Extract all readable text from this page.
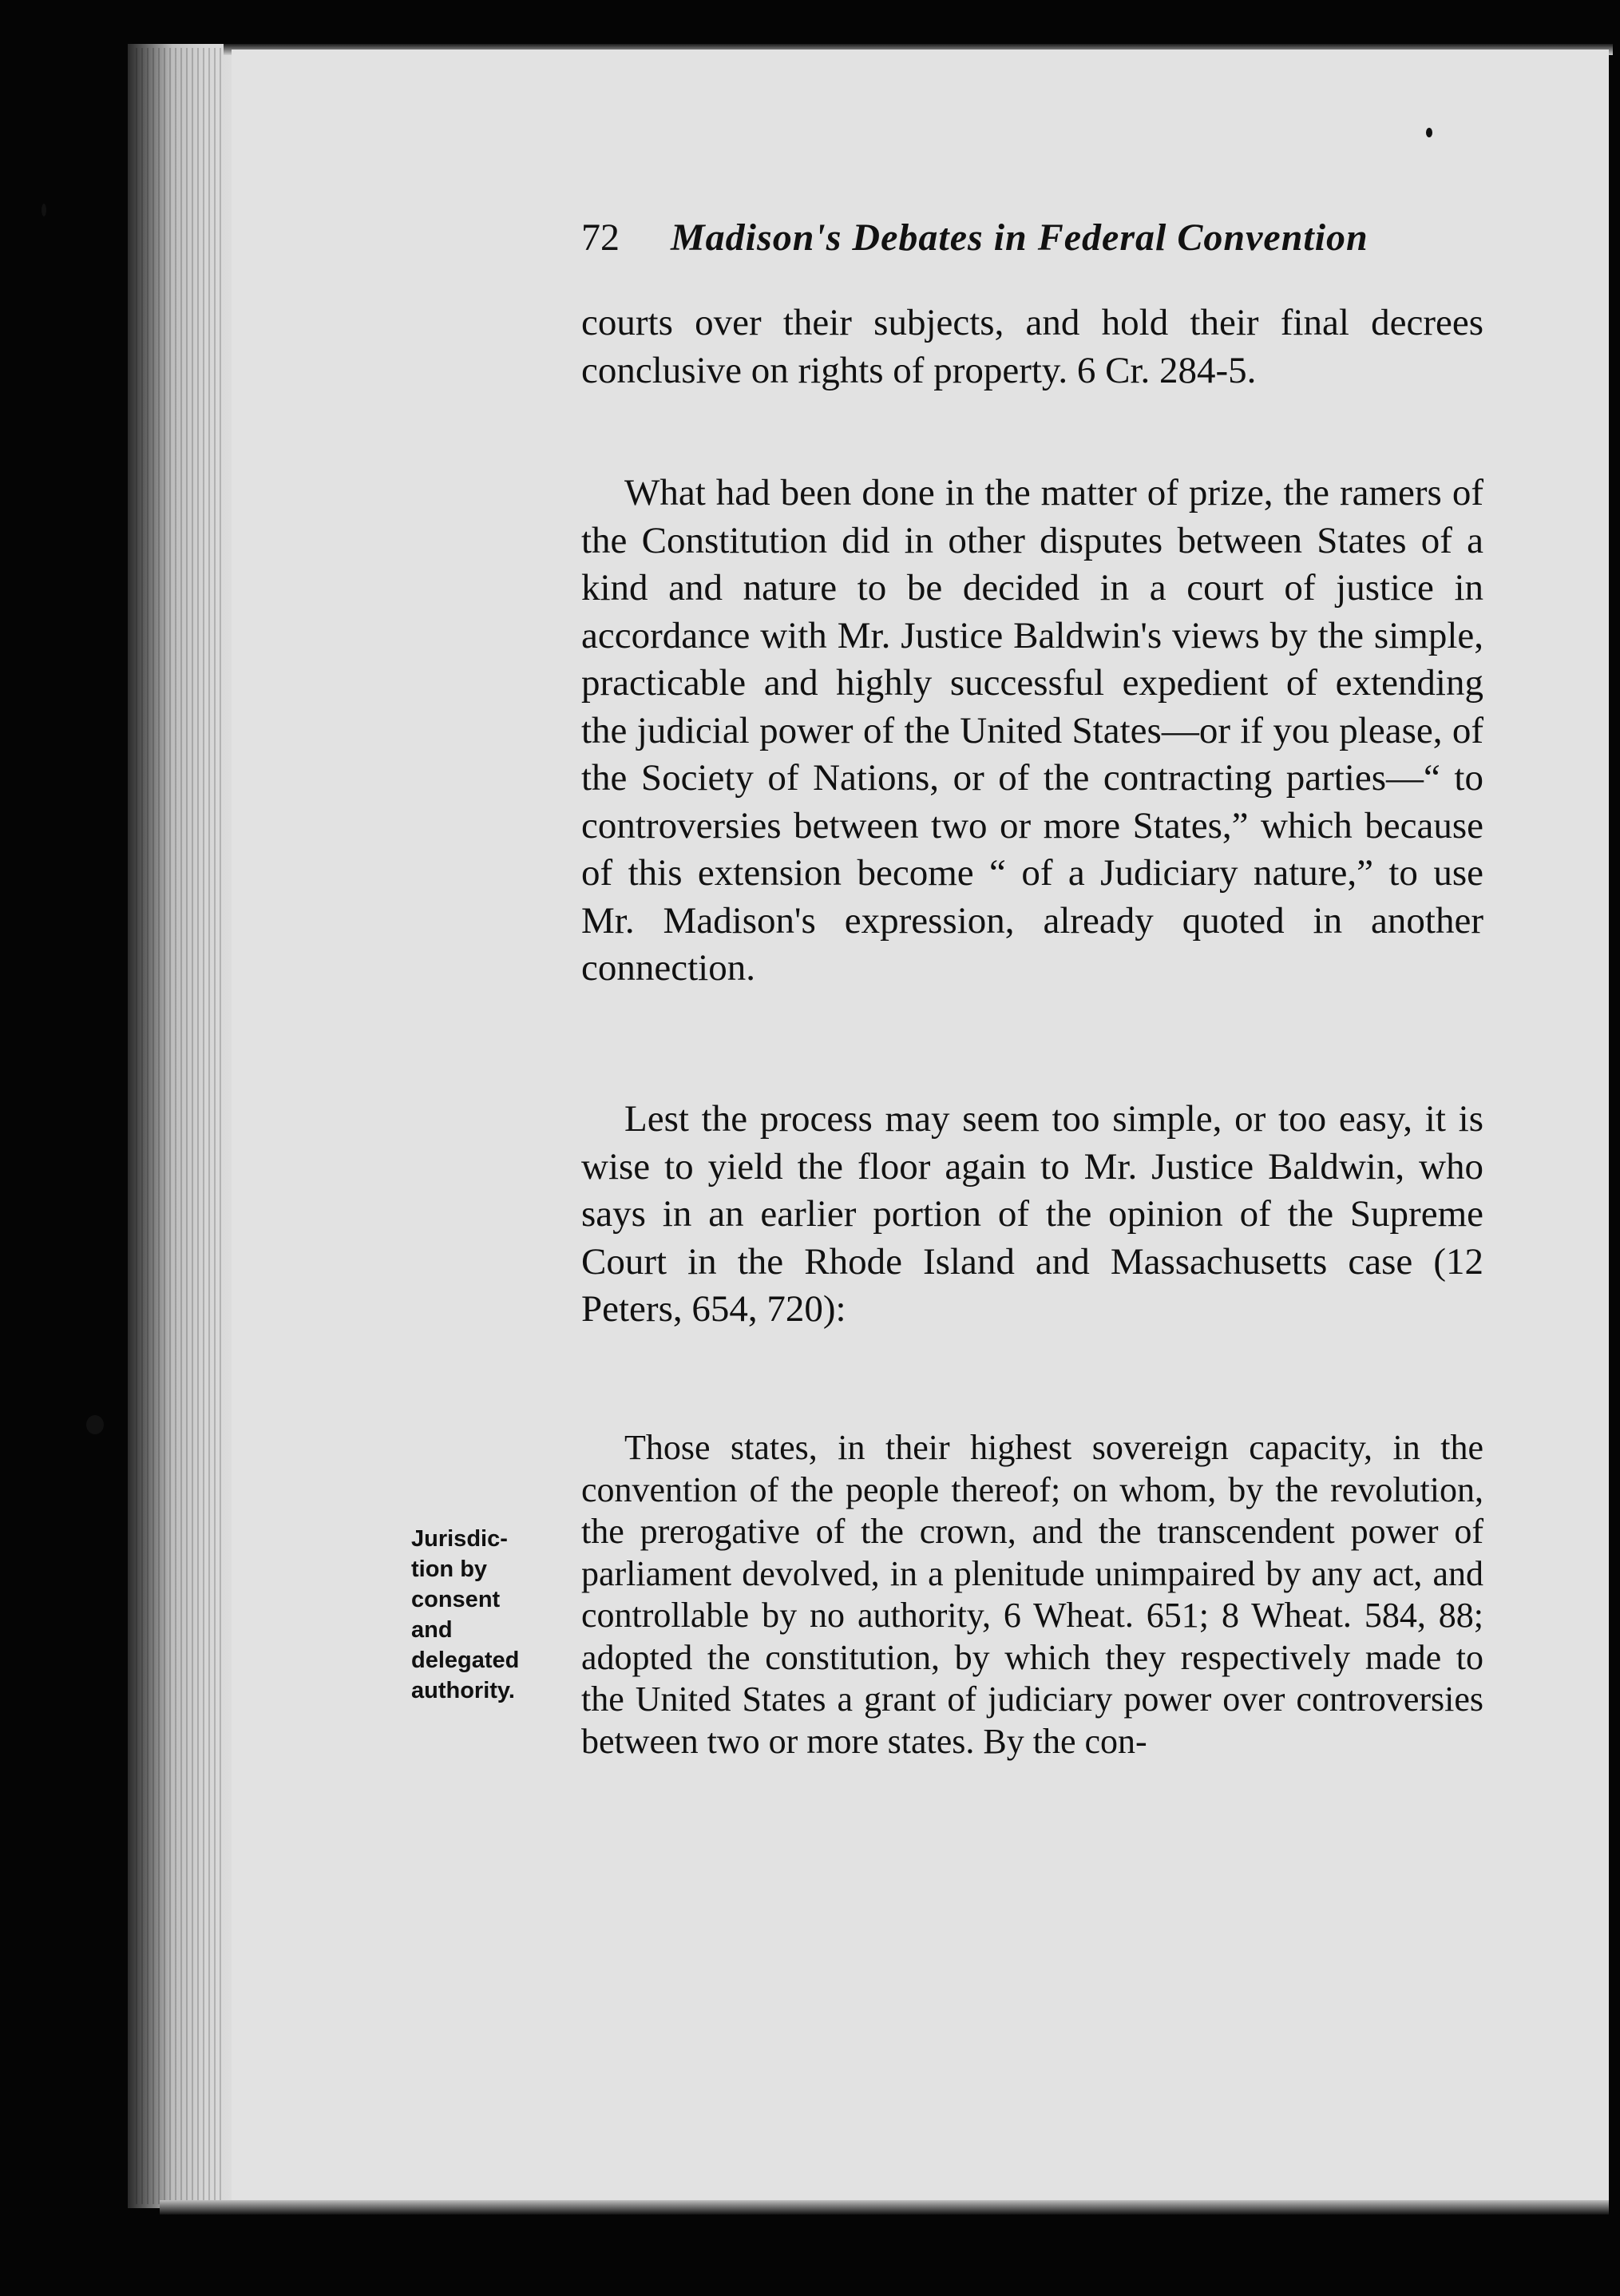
72 Madison's Debates in Federal Convention

courts over their subjects, and hold their final decrees conclusive on rights of property. 6 Cr. 284-5.

What had been done in the matter of prize, the ramers of the Constitution did in other disputes between States of a kind and nature to be decided in a court of justice in accordance with Mr. Justice Baldwin's views by the simple, practicable and highly successful expedient of extending the judicial power of the United States—or if you please, of the Society of Nations, or of the contracting parties—“ to controversies between two or more States,” which because of this extension become “ of a Judiciary nature,” to use Mr. Madison's expression, already quoted in another connection.

Lest the process may seem too simple, or too easy, it is wise to yield the floor again to Mr. Justice Baldwin, who says in an earlier portion of the opinion of the Supreme Court in the Rhode Island and Massachusetts case (12 Peters, 654, 720):

Those states, in their highest sovereign capacity, in the convention of the people thereof; on whom, by the revolution, the prerogative of the crown, and the transcendent power of parliament devolved, in a plenitude unimpaired by any act, and controllable by no authority, 6 Wheat. 651; 8 Wheat. 584, 88; adopted the constitution, by which they respectively made to the United States a grant of judiciary power over controversies between two or more states. By the con-

Jurisdic-
tion by
consent
and
delegated
authority.
